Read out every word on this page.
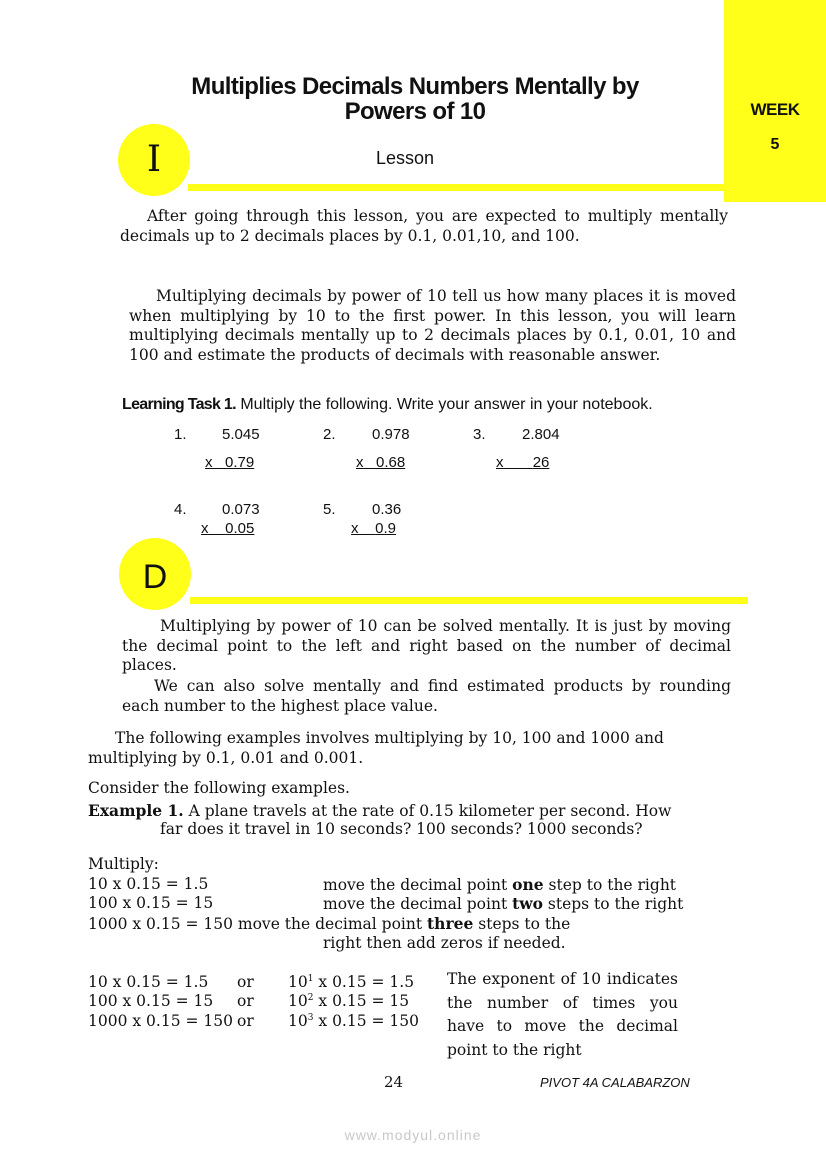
WEEK
5
Multiplies Decimals Numbers Mentally by
Powers of 10
I	Lesson
After going through this lesson, you are expected to multiply mentally decimals up to 2 decimals places by 0.1, 0.01,10, and 100.
Multiplying decimals by power of 10 tell us how many places it is moved when multiplying by 10 to the first power. In this lesson, you will learn multiplying decimals mentally up to 2 decimals places by 0.1, 0.01, 10 and 100 and estimate the products of decimals with reasonable answer.
Learning Task 1. Multiply the following. Write your answer in your notebook.
1. 5.045
x 0.79
2. 0.978
x 0.68
3. 2.804
x 26
4. 0.073
x 0.05
5. 0.36
x 0.9
D
Multiplying by power of 10 can be solved mentally. It is just by moving the decimal point to the left and right based on the number of decimal places.
We can also solve mentally and find estimated products by rounding each number to the highest place value.
The following examples involves multiplying by 10, 100 and 1000 and multiplying by 0.1, 0.01 and 0.001.
Consider the following examples.
Example 1. A plane travels at the rate of 0.15 kilometer per second. How
far does it travel in 10 seconds? 100 seconds? 1000 seconds?
Multiply:
10 x 0.15 = 1.5	move the decimal point one step to the right
100 x 0.15 = 15	move the decimal point two steps to the right
1000 x 0.15 = 150 move the decimal point three steps to the
right then add zeros if needed.
10 x 0.15 = 1.5 or $10^1$ x 0.15 = 1.5
100 x 0.15 = 15 or $10^2$ x 0.15 = 15
1000 x 0.15 = 150 or $10^3$ x 0.15 = 150
The exponent of 10 indicates the number of times you have to move the decimal point to the right
24	PIVOT 4A CALABARZON
www.modyul.online
